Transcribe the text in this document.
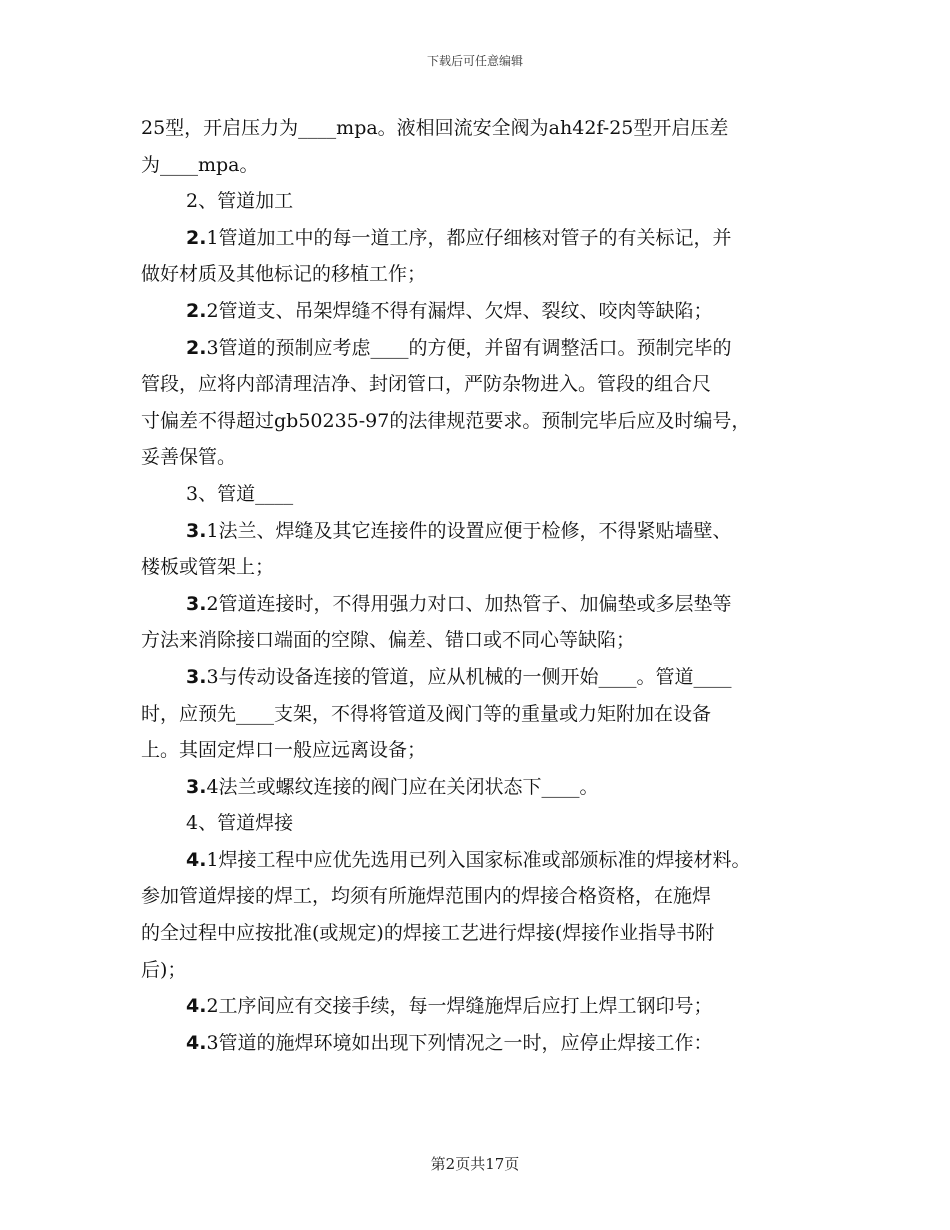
下载后可任意编辑
25型，开启压力为____mpa。液相回流安全阀为ah42f-25型开启压差
为____mpa。
2、管道加工
2.1管道加工中的每一道工序，都应仔细核对管子的有关标记，并
做好材质及其他标记的移植工作；
2.2管道支、吊架焊缝不得有漏焊、欠焊、裂纹、咬肉等缺陷；
2.3管道的预制应考虑____的方便，并留有调整活口。预制完毕的
管段，应将内部清理洁净、封闭管口，严防杂物进入。管段的组合尺
寸偏差不得超过gb50235-97的法律规范要求。预制完毕后应及时编号，
妥善保管。
3、管道____
3.1法兰、焊缝及其它连接件的设置应便于检修，不得紧贴墙壁、
楼板或管架上；
3.2管道连接时，不得用强力对口、加热管子、加偏垫或多层垫等
方法来消除接口端面的空隙、偏差、错口或不同心等缺陷；
3.3与传动设备连接的管道，应从机械的一侧开始____。管道____
时，应预先____支架，不得将管道及阀门等的重量或力矩附加在设备
上。其固定焊口一般应远离设备；
3.4法兰或螺纹连接的阀门应在关闭状态下____。
4、管道焊接
4.1焊接工程中应优先选用已列入国家标准或部颁标准的焊接材料。
参加管道焊接的焊工，均须有所施焊范围内的焊接合格资格，在施焊
的全过程中应按批准(或规定)的焊接工艺进行焊接(焊接作业指导书附
后)；
4.2工序间应有交接手续，每一焊缝施焊后应打上焊工钢印号；
4.3管道的施焊环境如出现下列情况之一时，应停止焊接工作：
第2页共17页
